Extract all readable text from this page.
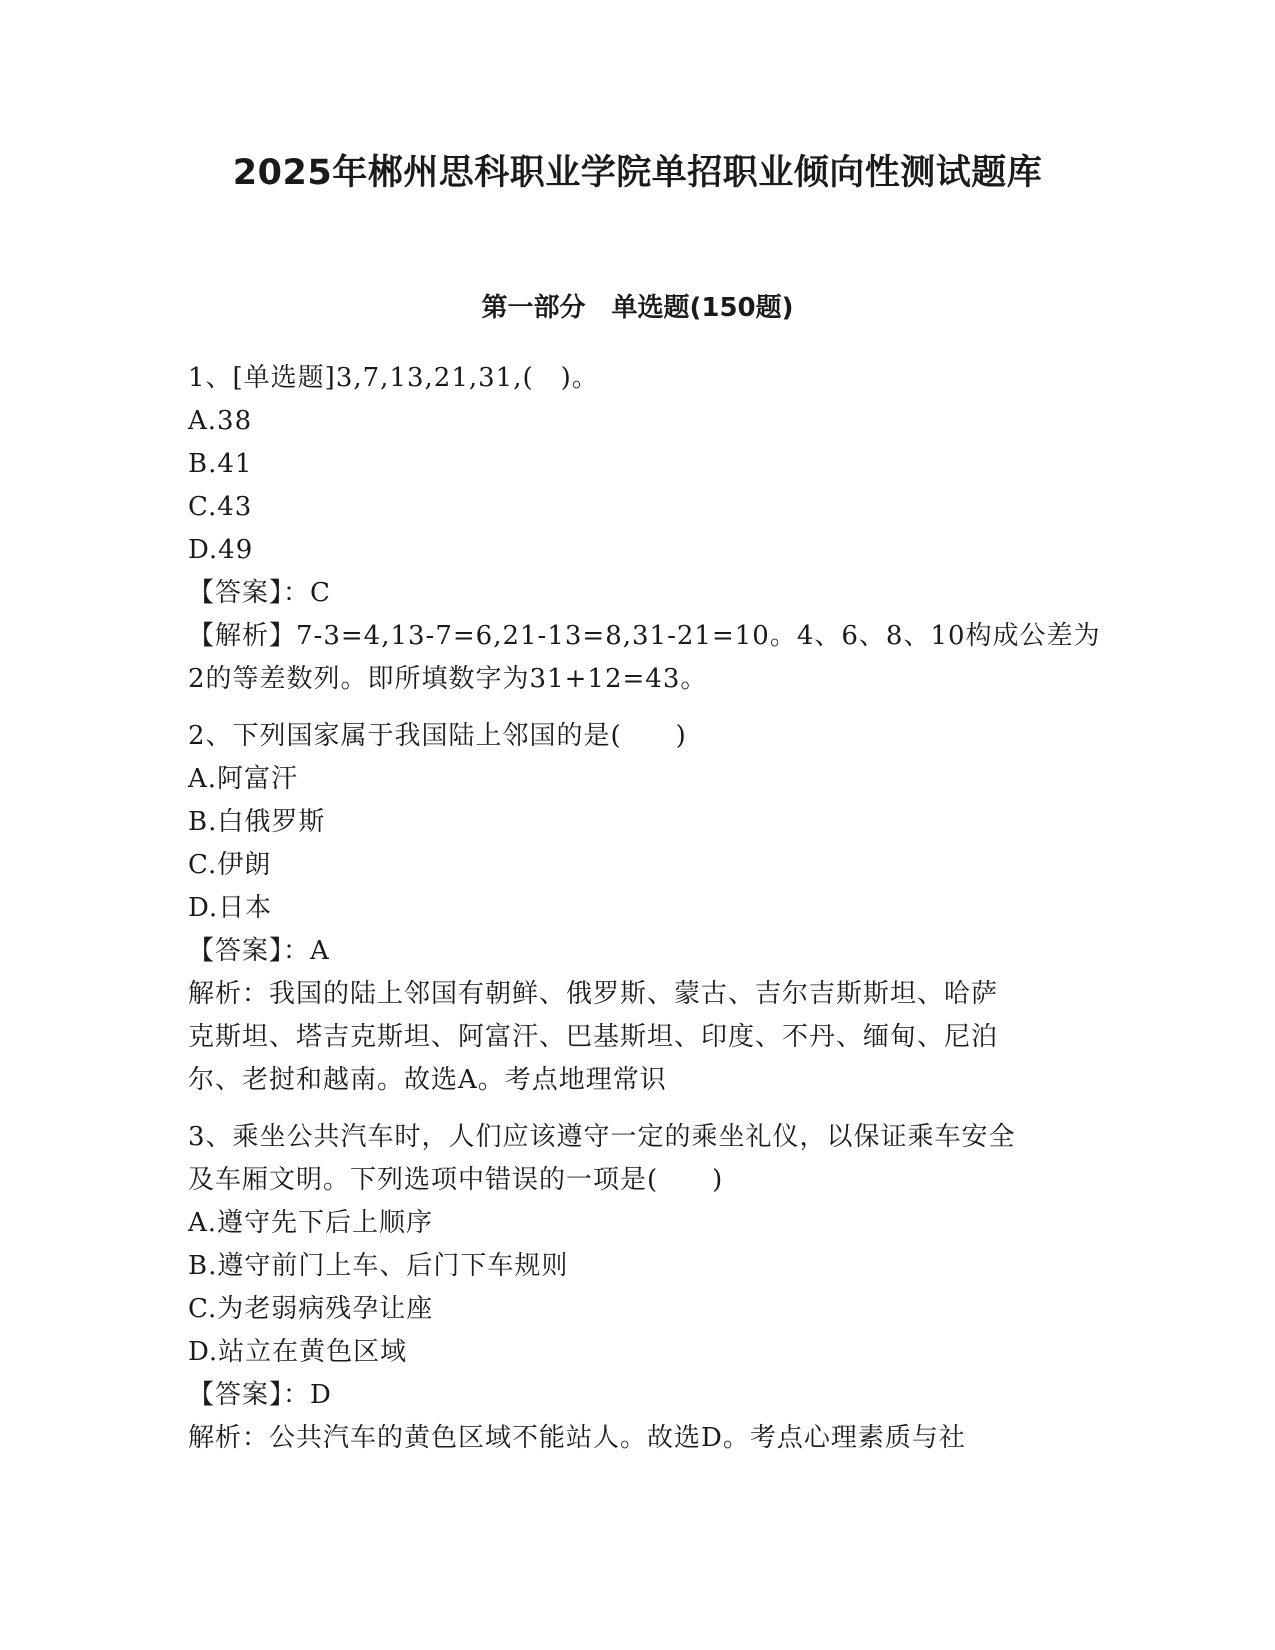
2025年郴州思科职业学院单招职业倾向性测试题库
第一部分　单选题(150题)
1、[单选题]3,7,13,21,31,(　)。
A.38
B.41
C.43
D.49
【答案】：C
【解析】7-3=4,13-7=6,21-13=8,31-21=10。4、6、8、10构成公差为
2的等差数列。即所填数字为31+12=43。
2、下列国家属于我国陆上邻国的是(　　)
A.阿富汗
B.白俄罗斯
C.伊朗
D.日本
【答案】：A
解析：我国的陆上邻国有朝鲜、俄罗斯、蒙古、吉尔吉斯斯坦、哈萨
克斯坦、塔吉克斯坦、阿富汗、巴基斯坦、印度、不丹、缅甸、尼泊
尔、老挝和越南。故选A。考点地理常识
3、乘坐公共汽车时，人们应该遵守一定的乘坐礼仪，以保证乘车安全
及车厢文明。下列选项中错误的一项是(　　)
A.遵守先下后上顺序
B.遵守前门上车、后门下车规则
C.为老弱病残孕让座
D.站立在黄色区域
【答案】：D
解析：公共汽车的黄色区域不能站人。故选D。考点心理素质与社
